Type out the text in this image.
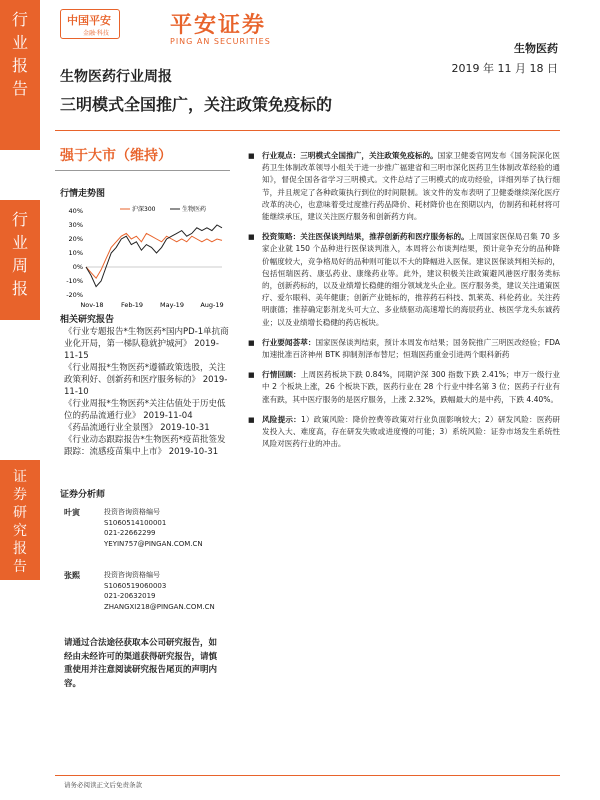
行
业
报
告
行
业
周
报
证
券
研
究
报
告
中国平安
金融·科技	平安证券
PING AN SECURITIES
生物医药
生物医药行业周报
2019 年 11 月 18 日
三明模式全国推广，关注政策免疫标的
强于大市（维持）
行情走势图
40%
30%
20%
10%
0%
-10%
-20%
Nov-18	Feb-19	May-19	Aug-19
沪深300	生物医药
相关研究报告
《行业专题报告*生物医药*国内PD-1单抗商业化开局，第一梯队稳就护城河》 2019-11-15
《行业周报*生物医药*遵循政策选股，关注政策利好、创新药和医疗服务标的》 2019-11-10
《行业周报*生物医药*关注估值处于历史低位的药品流通行业》 2019-11-04
《药品流通行业全景图》 2019-10-31
《行业动态跟踪报告*生物医药*疫苗批签发跟踪：流感疫苗集中上市》 2019-10-31
证券分析师
叶寅	投资咨询资格编号
S1060514100001
021-22662299
YEYIN757@PINGAN.COM.CN
张熙	投资咨询资格编号
S1060519060003
021-20632019
ZHANGXI218@PINGAN.COM.CN
请通过合法途径获取本公司研究报告，如经由未经许可的渠道获得研究报告，请慎重使用并注意阅读研究报告尾页的声明内容。
■ 行业观点：三明模式全国推广，关注政策免疫标的。国家卫健委官网发布《国务院深化医药卫生体制改革领导小组关于进一步推广福建省和三明市深化医药卫生体制改革经验的通知》，督促全国各省学习三明模式。文件总结了三明模式的成功经验，详细列举了执行细节，并且规定了各种政策执行到位的时间限制。该文件的发布表明了卫健委继续深化医疗改革的决心，也意味着受过度推行药品降价、耗材降价也在预期以内，仿制药和耗材将可能继续承压，建议关注医疗服务和创新药方向。
■ 投资策略：关注医保谈判结果，推荐创新药和医疗服务标的。上周国家医保局召集 70 多家企业就 150 个品种进行医保谈判准入，本周将公布谈判结果，预计竞争充分的品种降价幅度较大，竞争格局好的品种则可能以不大的降幅进入医保。建议医保谈判相关标的，包括恒瑞医药、康弘药业、康缘药业等。此外，建议积极关注政策避风港医疗服务类标的，创新药标的，以及业绩增长稳健的细分领域龙头企业。医疗服务类，建议关注通策医疗、爱尔眼科、美年健康；创新产业链标的，推荐药石科技、凯莱英、科伦药业。关注药明康德；推荐确定影剂龙头可大立、多业绩驱动高速增长的海辰药业、核医学龙头东诚药业；以及业绩增长稳健的药店板块。
■ 行业要闻荟萃：国家医保谈判结束，预计本周发布结果；国务院推广三明医改经验；FDA 加速批准百济神州 BTK 抑制剂泽布替尼；恒瑞医药重金引进两个眼科新药
■ 行情回顾：上周医药板块下跌 0.84%，同期沪深 300 指数下跌 2.41%；申万一级行业中 2 个板块上涨，26 个板块下跌，医药行业在 28 个行业中排名第 3 位；医药子行业有涨有跌，其中医疗服务的是医疗服务，上涨 2.32%，跌幅最大的是中药，下跌 4.40%。
■ 风险提示：1）政策风险：降价控费等政策对行业负面影响较大；2）研发风险：医药研发投入大、难度高，存在研发失败或进度慢的可能；3）系统风险：证券市场发生系统性风险对医药行业的冲击。
请务必阅读正文后免责条款
